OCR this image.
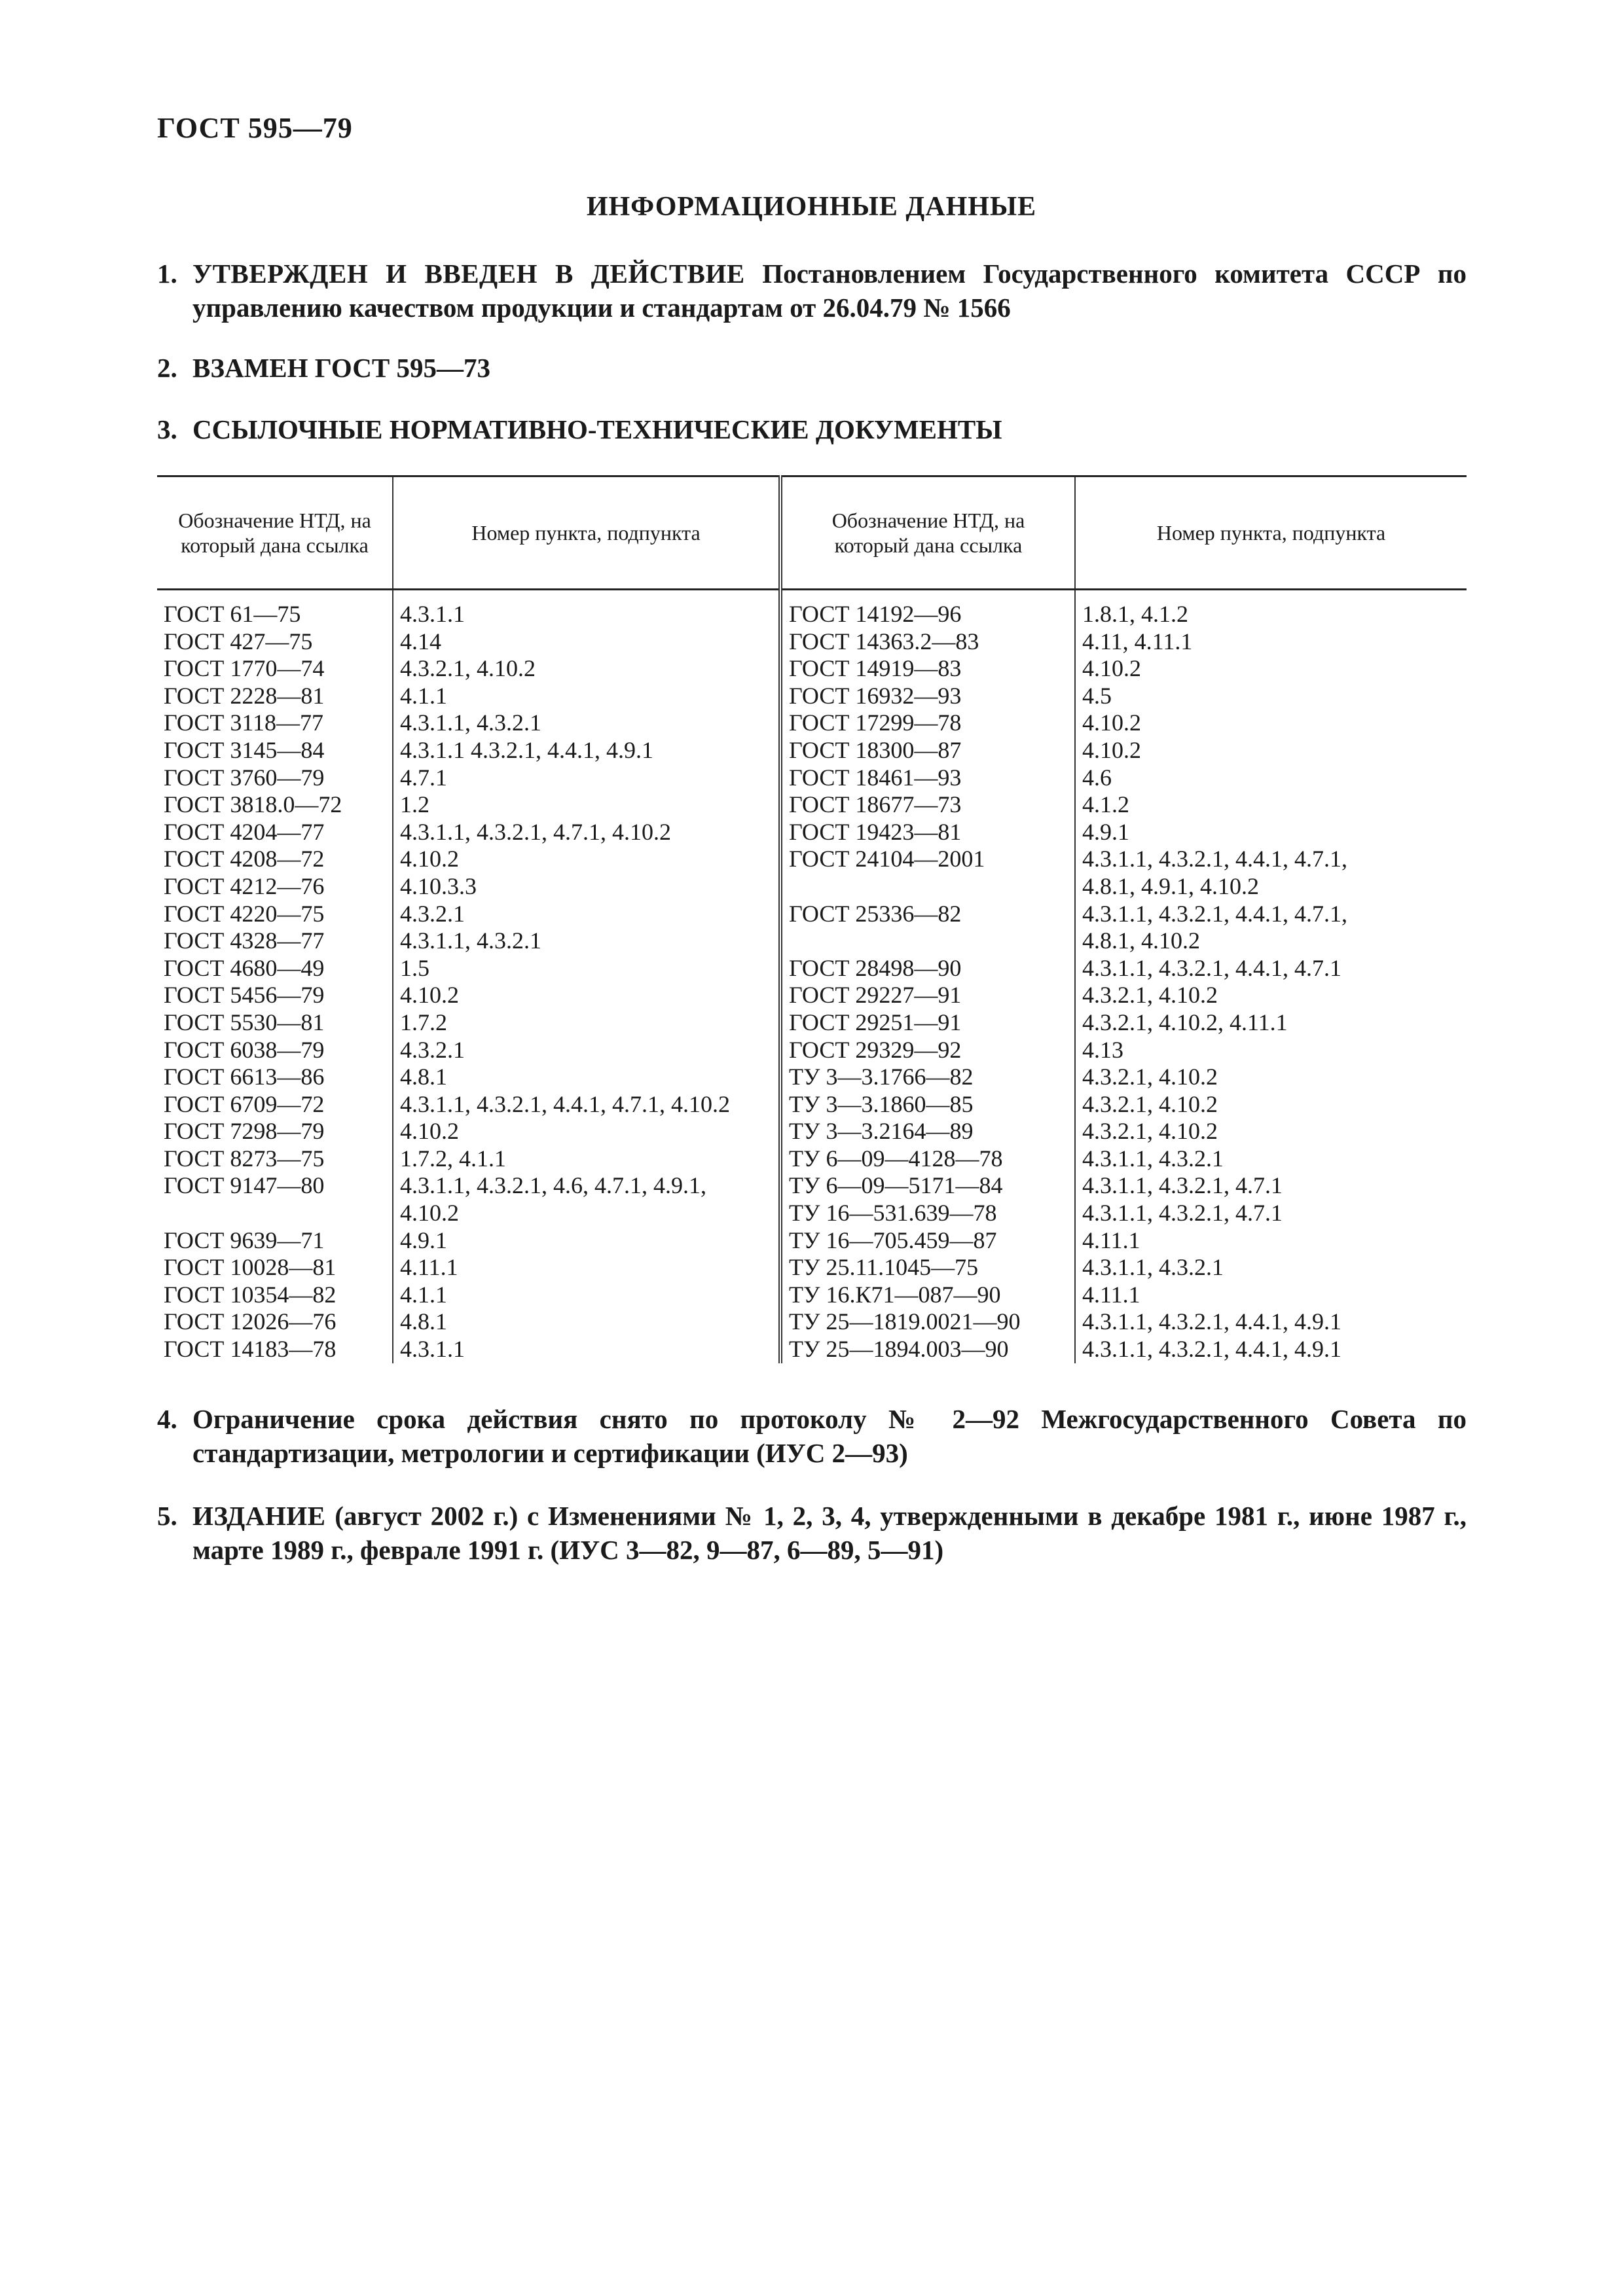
ГОСТ 595—79
ИНФОРМАЦИОННЫЕ ДАННЫЕ
1. УТВЕРЖДЕН И ВВЕДЕН В ДЕЙСТВИЕ Постановлением Государственного комитета СССР по управлению качеством продукции и стандартам от 26.04.79 № 1566
2. ВЗАМЕН ГОСТ 595—73
3. ССЫЛОЧНЫЕ НОРМАТИВНО-ТЕХНИЧЕСКИЕ ДОКУМЕНТЫ
Обозначение НТД, на который дана ссылка	Номер пункта, подпункта	Обозначение НТД, на который дана ссылка	Номер пункта, подпункта

ГОСТ 61—75	4.3.1.1	ГОСТ 14192—96	1.8.1, 4.1.2
ГОСТ 427—75	4.14	ГОСТ 14363.2—83	4.11, 4.11.1
ГОСТ 1770—74	4.3.2.1, 4.10.2	ГОСТ 14919—83	4.10.2
ГОСТ 2228—81	4.1.1	ГОСТ 16932—93	4.5
ГОСТ 3118—77	4.3.1.1, 4.3.2.1	ГОСТ 17299—78	4.10.2
ГОСТ 3145—84	4.3.1.1 4.3.2.1, 4.4.1, 4.9.1	ГОСТ 18300—87	4.10.2
ГОСТ 3760—79	4.7.1	ГОСТ 18461—93	4.6
ГОСТ 3818.0—72	1.2	ГОСТ 18677—73	4.1.2
ГОСТ 4204—77	4.3.1.1, 4.3.2.1, 4.7.1, 4.10.2	ГОСТ 19423—81	4.9.1
ГОСТ 4208—72	4.10.2	ГОСТ 24104—2001	4.3.1.1, 4.3.2.1, 4.4.1, 4.7.1,
ГОСТ 4212—76	4.10.3.3		4.8.1, 4.9.1, 4.10.2
ГОСТ 4220—75	4.3.2.1	ГОСТ 25336—82	4.3.1.1, 4.3.2.1, 4.4.1, 4.7.1,
ГОСТ 4328—77	4.3.1.1, 4.3.2.1		4.8.1, 4.10.2
ГОСТ 4680—49	1.5	ГОСТ 28498—90	4.3.1.1, 4.3.2.1, 4.4.1, 4.7.1
ГОСТ 5456—79	4.10.2	ГОСТ 29227—91	4.3.2.1, 4.10.2
ГОСТ 5530—81	1.7.2	ГОСТ 29251—91	4.3.2.1, 4.10.2, 4.11.1
ГОСТ 6038—79	4.3.2.1	ГОСТ 29329—92	4.13
ГОСТ 6613—86	4.8.1	ТУ 3—3.1766—82	4.3.2.1, 4.10.2
ГОСТ 6709—72	4.3.1.1, 4.3.2.1, 4.4.1, 4.7.1, 4.10.2	ТУ 3—3.1860—85	4.3.2.1, 4.10.2
ГОСТ 7298—79	4.10.2	ТУ 3—3.2164—89	4.3.2.1, 4.10.2
ГОСТ 8273—75	1.7.2, 4.1.1	ТУ 6—09—4128—78	4.3.1.1, 4.3.2.1
ГОСТ 9147—80	4.3.1.1, 4.3.2.1, 4.6, 4.7.1, 4.9.1,	ТУ 6—09—5171—84	4.3.1.1, 4.3.2.1, 4.7.1
	4.10.2	ТУ 16—531.639—78	4.3.1.1, 4.3.2.1, 4.7.1
ГОСТ 9639—71	4.9.1	ТУ 16—705.459—87	4.11.1
ГОСТ 10028—81	4.11.1	ТУ 25.11.1045—75	4.3.1.1, 4.3.2.1
ГОСТ 10354—82	4.1.1	ТУ 16.К71—087—90	4.11.1
ГОСТ 12026—76	4.8.1	ТУ 25—1819.0021—90	4.3.1.1, 4.3.2.1, 4.4.1, 4.9.1
ГОСТ 14183—78	4.3.1.1	ТУ 25—1894.003—90	4.3.1.1, 4.3.2.1, 4.4.1, 4.9.1
4. Ограничение срока действия снято по протоколу № 2—92 Межгосударственного Совета по стандартизации, метрологии и сертификации (ИУС 2—93)
5. ИЗДАНИЕ (август 2002 г.) с Изменениями № 1, 2, 3, 4, утвержденными в декабре 1981 г., июне 1987 г., марте 1989 г., феврале 1991 г. (ИУС 3—82, 9—87, 6—89, 5—91)
